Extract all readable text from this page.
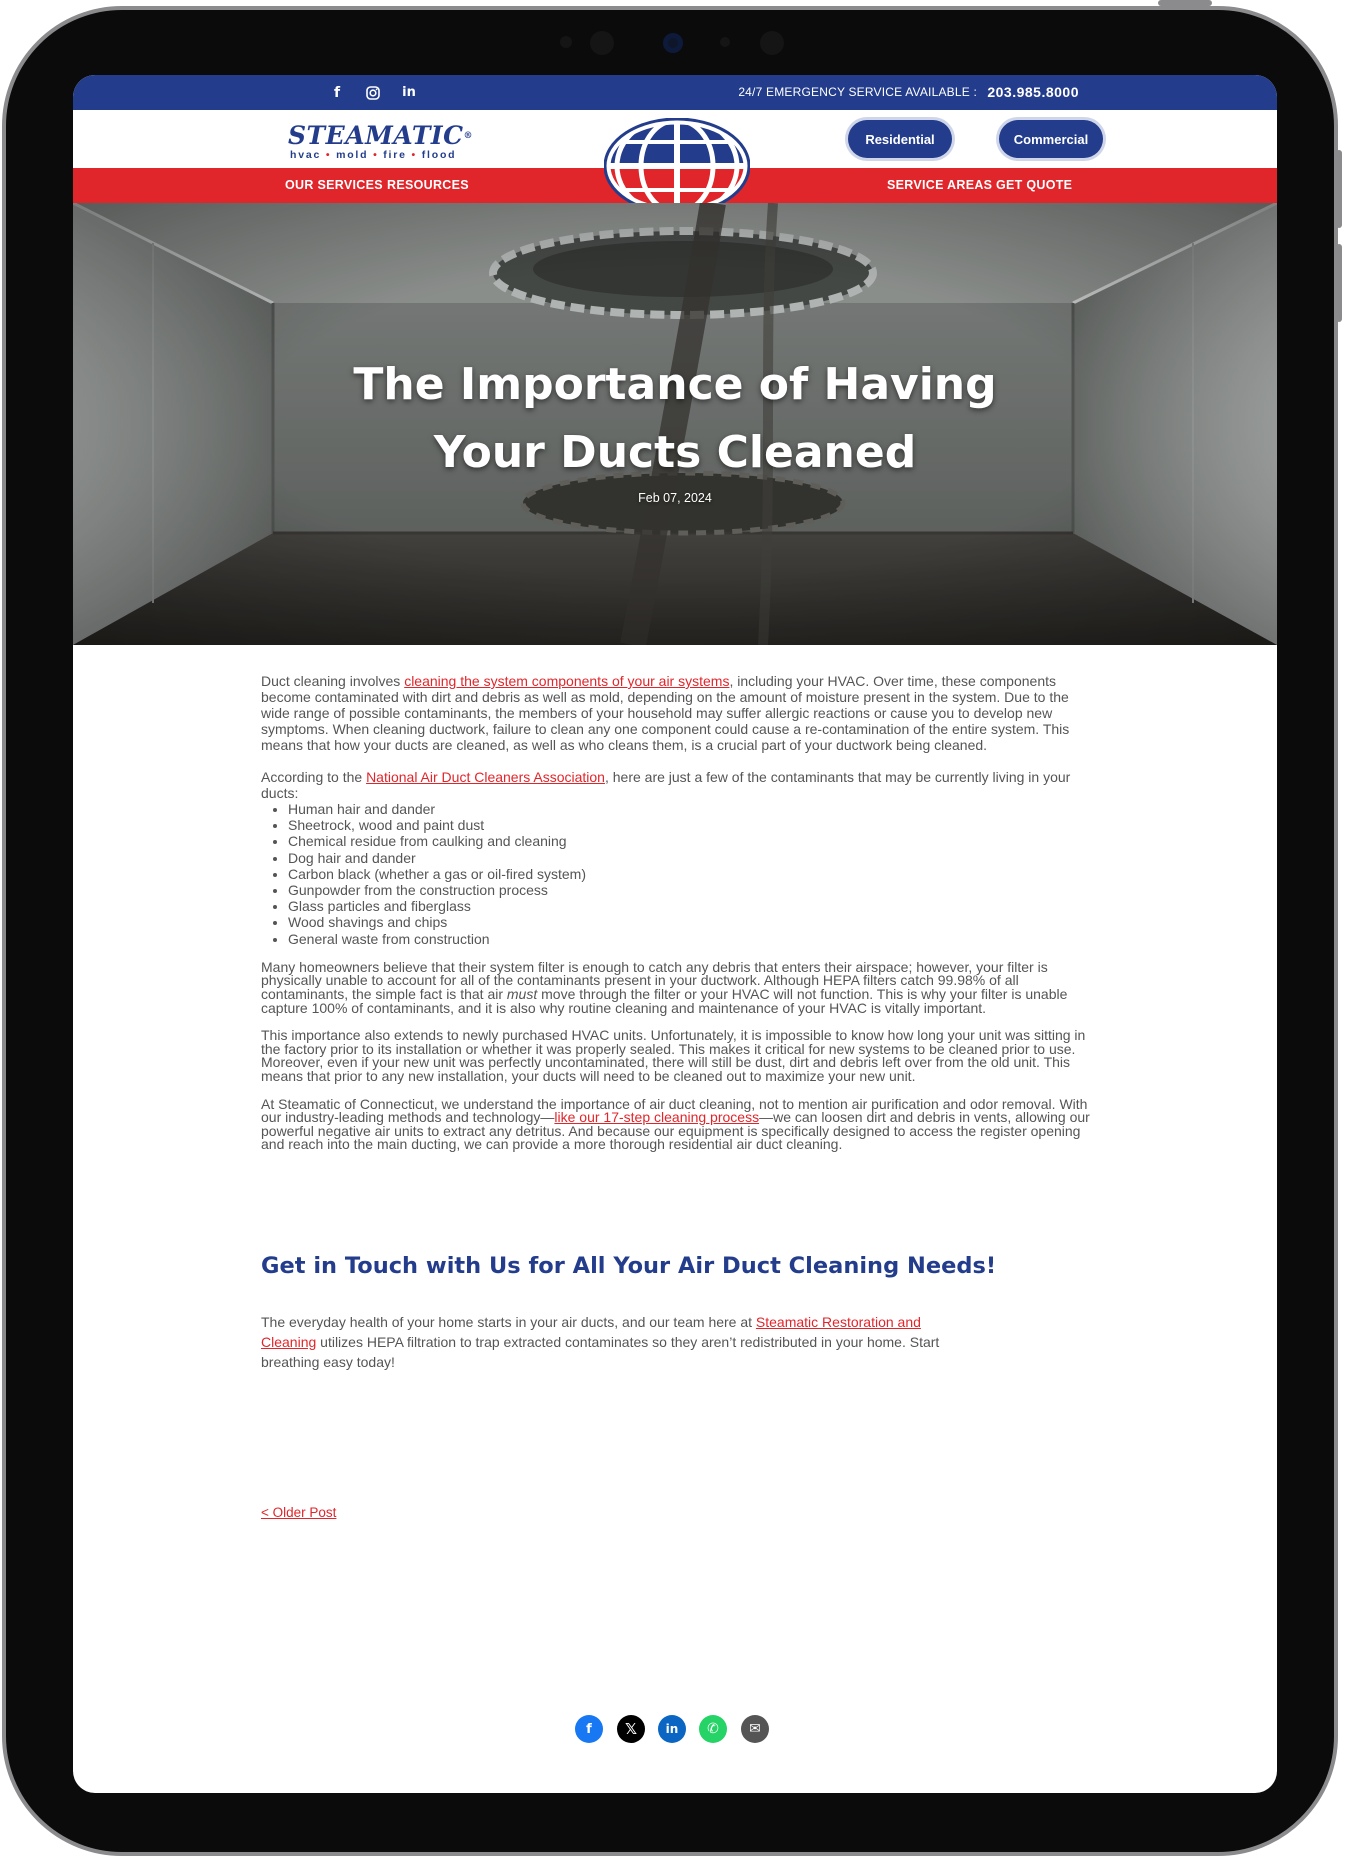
f	in	24/7 EMERGENCY SERVICE AVAILABLE : 203.985.8000
STEAMATIC®
hvac • mold • fire • flood
OUR SERVICES RESOURCES	SERVICE AREAS GET QUOTE
Residential	Commercial
The Importance of Having
Your Ducts Cleaned
Feb 07, 2024

Duct cleaning involves cleaning the system components of your air systems, including your HVAC. Over time, these components become contaminated with dirt and debris as well as mold, depending on the amount of moisture present in the system. Due to the wide range of possible contaminants, the members of your household may suffer allergic reactions or cause you to develop new symptoms. When cleaning ductwork, failure to clean any one component could cause a re-contamination of the entire system. This means that how your ducts are cleaned, as well as who cleans them, is a crucial part of your ductwork being cleaned.

According to the National Air Duct Cleaners Association, here are just a few of the contaminants that may be currently living in your ducts:

• Human hair and dander
• Sheetrock, wood and paint dust
• Chemical residue from caulking and cleaning
• Dog hair and dander
• Carbon black (whether a gas or oil-fired system)
• Gunpowder from the construction process
• Glass particles and fiberglass
• Wood shavings and chips
• General waste from construction

Many homeowners believe that their system filter is enough to catch any debris that enters their airspace; however, your filter is physically unable to account for all of the contaminants present in your ductwork. Although HEPA filters catch 99.98% of all contaminants, the simple fact is that air must move through the filter or your HVAC will not function. This is why your filter is unable capture 100% of contaminants, and it is also why routine cleaning and maintenance of your HVAC is vitally important.

This importance also extends to newly purchased HVAC units. Unfortunately, it is impossible to know how long your unit was sitting in the factory prior to its installation or whether it was properly sealed. This makes it critical for new systems to be cleaned prior to use. Moreover, even if your new unit was perfectly uncontaminated, there will still be dust, dirt and debris left over from the old unit. This means that prior to any new installation, your ducts will need to be cleaned out to maximize your new unit.

At Steamatic of Connecticut, we understand the importance of air duct cleaning, not to mention air purification and odor removal. With our industry-leading methods and technology—like our 17-step cleaning process—we can loosen dirt and debris in vents, allowing our powerful negative air units to extract any detritus. And because our equipment is specifically designed to access the register opening and reach into the main ducting, we can provide a more thorough residential air duct cleaning.

Get in Touch with Us for All Your Air Duct Cleaning Needs!
The everyday health of your home starts in your air ducts, and our team here at Steamatic Restoration and Cleaning utilizes HEPA filtration to trap extracted contaminates so they aren’t redistributed in your home. Start breathing easy today!
< Older Post
f	𝕏	in	✆	✉
